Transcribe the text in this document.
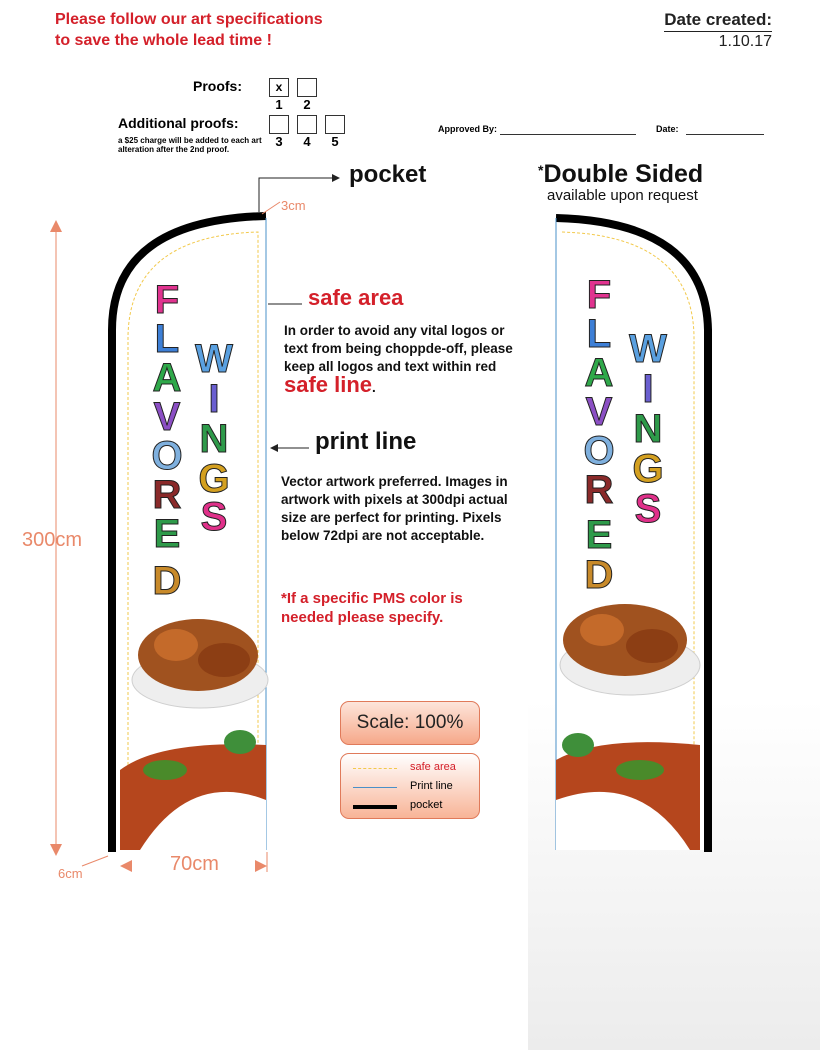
Please follow our art specifications
to save the whole lead time !
Date created:
1.10.17
Proofs:	x
1	2
Additional proofs:
a $25 charge will be added to each art alteration after the 2nd proof.
3	4	5
Approved By:	Date:
pocket	*Double Sided
available upon request
safe area
In order to avoid any vital logos or text from being choppde-off, please keep all logos and text within red safe line.
print line
Vector artwork preferred. Images in artwork with pixels at 300dpi actual size are perfect for printing. Pixels below 72dpi are not acceptable.
*If a specific PMS color is needed please specify.
3cm
300cm
70cm
6cm
Scale: 100%
safe area
Print line
pocket
F
L
A
V
O
R
E
D
W
I
N
G
S
F
L
A
V
O
R
E
D
W
I
N
G
S
